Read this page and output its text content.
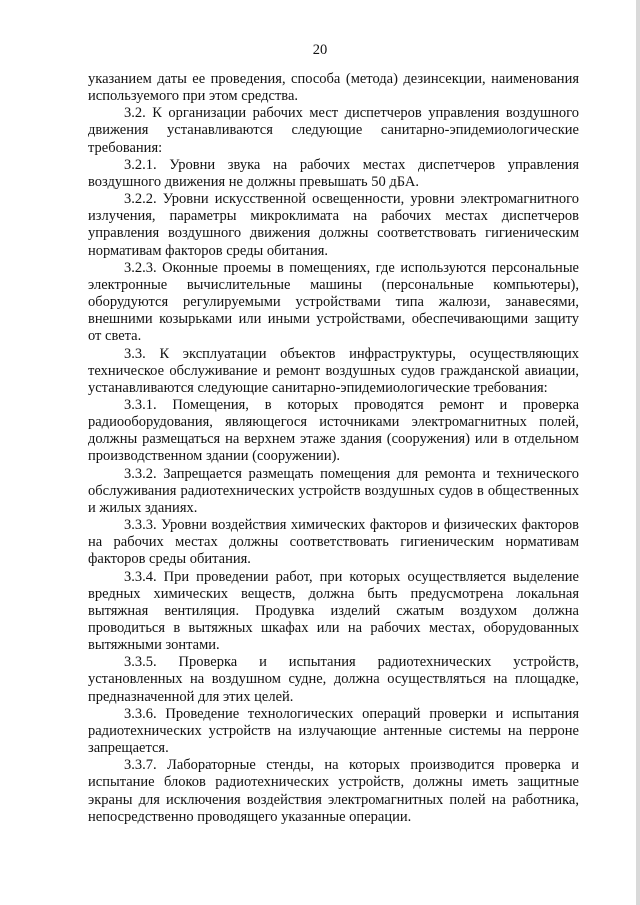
20

указанием даты ее проведения, способа (метода) дезинсекции, наименования используемого при этом средства.

3.2. К организации рабочих мест диспетчеров управления воздушного движения устанавливаются следующие санитарно-эпидемиологические требования:

3.2.1. Уровни звука на рабочих местах диспетчеров управления воздушного движения не должны превышать 50 дБА.

3.2.2. Уровни искусственной освещенности, уровни электромагнитного излучения, параметры микроклимата на рабочих местах диспетчеров управления воздушного движения должны соответствовать гигиеническим нормативам факторов среды обитания.

3.2.3. Оконные проемы в помещениях, где используются персональные электронные вычислительные машины (персональные компьютеры), оборудуются регулируемыми устройствами типа жалюзи, занавесями, внешними козырьками или иными устройствами, обеспечивающими защиту от света.

3.3. К эксплуатации объектов инфраструктуры, осуществляющих техническое обслуживание и ремонт воздушных судов гражданской авиации, устанавливаются следующие санитарно-эпидемиологические требования:

3.3.1. Помещения, в которых проводятся ремонт и проверка радиооборудования, являющегося источниками электромагнитных полей, должны размещаться на верхнем этаже здания (сооружения) или в отдельном производственном здании (сооружении).

3.3.2. Запрещается размещать помещения для ремонта и технического обслуживания радиотехнических устройств воздушных судов в общественных и жилых зданиях.

3.3.3. Уровни воздействия химических факторов и физических факторов на рабочих местах должны соответствовать гигиеническим нормативам факторов среды обитания.

3.3.4. При проведении работ, при которых осуществляется выделение вредных химических веществ, должна быть предусмотрена локальная вытяжная вентиляция. Продувка изделий сжатым воздухом должна проводиться в вытяжных шкафах или на рабочих местах, оборудованных вытяжными зонтами.

3.3.5. Проверка и испытания радиотехнических устройств, установленных на воздушном судне, должна осуществляться на площадке, предназначенной для этих целей.

3.3.6. Проведение технологических операций проверки и испытания радиотехнических устройств на излучающие антенные системы на перроне запрещается.

3.3.7. Лабораторные стенды, на которых производится проверка и испытание блоков радиотехнических устройств, должны иметь защитные экраны для исключения воздействия электромагнитных полей на работника, непосредственно проводящего указанные операции.
